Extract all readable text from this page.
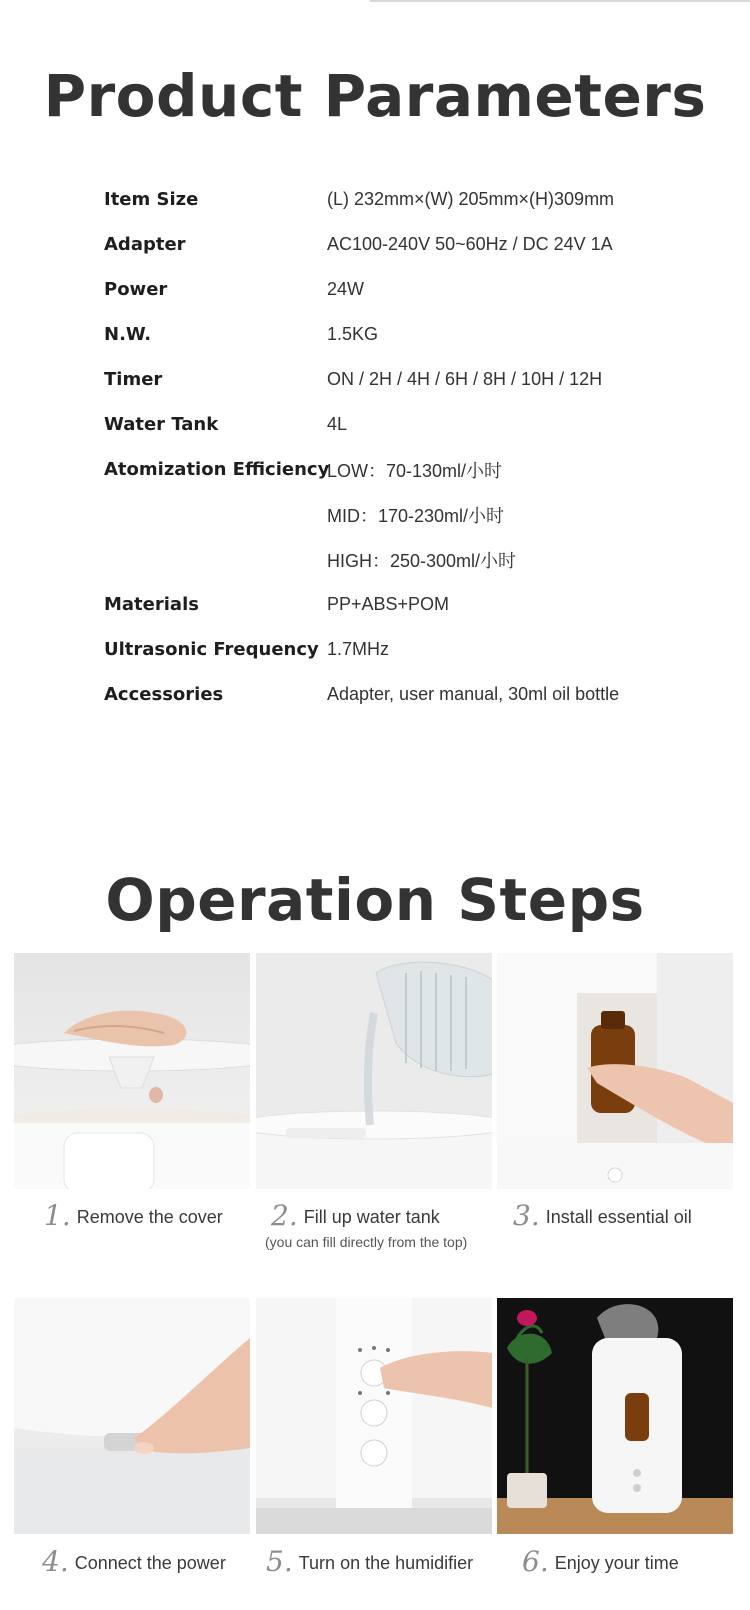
Product Parameters
Item Size	(L) 232mm×(W) 205mm×(H)309mm
Adapter	AC100-240V 50~60Hz / DC 24V 1A
Power	24W
N.W.	1.5KG
Timer	ON / 2H / 4H / 6H / 8H / 10H / 12H
Water Tank	4L
Atomization Efficiency
LOW：70-130ml/小时
MID：170-230ml/小时
HIGH：250-300ml/小时
Materials	PP+ABS+POM
Ultrasonic Frequency 1.7MHz
Accessories	Adapter, user manual, 30ml oil bottle
Operation Steps
1. Remove the cover	2. Fill up water tank
(you can fill directly from the top)
3. Install essential oil
4. Connect the power	5. Turn on the humidifier	6. Enjoy your time
